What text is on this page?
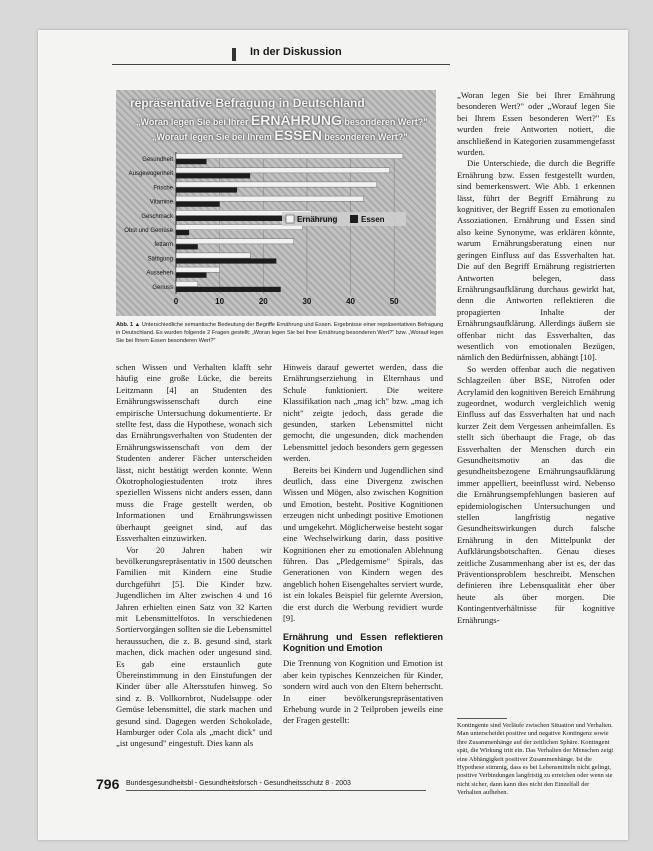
In der Diskussion
repräsentative Befragung in Deutschland
„Woran legen Sie bei Ihrer ERNÄHRUNG besonderen Wert?"
„Worauf legen Sie bei Ihrem ESSEN besonderen Wert?"
0	10	20	30	40	50
Gesundheit
Ausgewogenheit
Frische
Vitamine
Geschmack
Obst und Gemüse
fettarm
Sättigung
Aussehen
Genuss
Ernährung	Essen
Abb. 1 ▲ Unterschiedliche semantische Bedeutung der Begriffe Ernährung und Essen. Ergebnisse einer repräsentativen Befragung in Deutschland. Es wurden folgende 2 Fragen gestellt: „Woran legen Sie bei Ihrer Ernährung besonderen Wert?" bzw. „Worauf legen Sie bei Ihrem Essen besonderen Wert?"

schen Wissen und Verhalten klafft sehr häufig eine große Lücke, die bereits Leitzmann [4] an Studenten des Ernährungswissenschaft durch eine empirische Untersuchung dokumentierte. Er stellte fest, dass die Hypothese, wonach sich das Ernährungsverhalten von Studenten der Ernährungswissenschaft von dem der Studenten anderer Fächer unterscheiden lässt, nicht bestätigt werden konnte. Wenn Ökotrophologiestudenten trotz ihres speziellen Wissens nicht anders essen, dann muss die Frage gestellt werden, ob Informationen und Ernährungswissen überhaupt geeignet sind, auf das Essverhalten einzuwirken.

Vor 20 Jahren haben wir bevölkerungsrepräsentativ in 1500 deutschen Familien mit Kindern eine Studie durchgeführt [5]. Die Kinder bzw. Jugendlichen im Alter zwischen 4 und 16 Jahren erhielten einen Satz von 32 Karten mit Lebensmittelfotos. In verschiedenen Sortiervorgängen sollten sie die Lebensmittel heraussuchen, die z. B. gesund sind, stark machen, dick machen oder ungesund sind. Es gab eine erstaunlich gute Übereinstimmung in den Einstufungen der Kinder über alle Altersstufen hinweg. So sind z. B. Vollkornbrot, Nudelsuppe oder Gemüse lebensmittel, die stark machen und gesund sind. Dagegen werden Schokolade, Hamburger oder Cola als „macht dick" und „ist ungesund" eingestuft. Dies kann als

Hinweis darauf gewertet werden, dass die Ernährungserziehung in Elternhaus und Schule funktioniert. Die weitere Klassifikation nach „mag ich" bzw. „mag ich nicht" zeigte jedoch, dass gerade die gesunden, starken Lebensmittel nicht gemocht, die ungesunden, dick machenden Lebensmittel jedoch besonders gern gegessen werden.

Bereits bei Kindern und Jugendlichen sind deutlich, dass eine Divergenz zwischen Wissen und Mögen, also zwischen Kognition und Emotion, besteht. Positive Kognitionen erzeugen nicht unbedingt positive Emotionen und umgekehrt. Möglicherweise besteht sogar eine Wechselwirkung darin, dass positive Kognitionen eher zu emotionalen Ablehnung führen. Das „Pledgemisme" Spirals, das Generationen von Kindern wegen des angeblich hohen Eisengehaltes serviert wurde, ist ein lokales Beispiel für gelernte Aversion, die erst durch die Werbung revidiert wurde [9].

Ernährung und Essen reflektieren Kognition und Emotion

Die Trennung von Kognition und Emotion ist aber kein typisches Kennzeichen für Kinder, sondern wird auch von den Eltern beherrscht. In einer bevölkerungsrepräsentativen Erhebung wurde in 2 Teilproben jeweils eine der Fragen gestellt:

„Woran legen Sie bei Ihrer Ernährung besonderen Wert?" oder „Worauf legen Sie bei Ihrem Essen besonderen Wert?" Es wurden freie Antworten notiert, die anschließend in Kategorien zusammengefasst wurden.

Die Unterschiede, die durch die Begriffe Ernährung bzw. Essen festgestellt wurden, sind bemerkenswert. Wie Abb. 1 erkennen lässt, führt der Begriff Ernährung zu kognitiver, der Begriff Essen zu emotionalen Assoziationen. Ernährung und Essen sind also keine Synonyme, was erklären könnte, warum Ernährungsberatung einen nur geringen Einfluss auf das Essverhalten hat. Die auf den Begriff Ernährung registrierten Antworten belegen, dass Ernährungsaufklärung durchaus gewirkt hat, denn die Antworten reflektieren die propagierten Inhalte der Ernährungsaufklärung. Allerdings äußern sie offenbar nicht das Essverhalten, das wesentlich von emotionalen Bezügen, nämlich den Bedürfnissen, abhängt [10].

So werden offenbar auch die negativen Schlagzeilen über BSE, Nitrofen oder Acrylamid den kognitiven Bereich Ernährung zugeordnet, wodurch vergleichlich wenig Einfluss auf das Essverhalten hat und nach kurzer Zeit dem Vergessen anheimfallen. Es stellt sich überhaupt die Frage, ob das Essverhalten der Menschen durch ein Gesundheitsmotiv an das die gesundheitsbezogene Ernährungsaufklärung immer appelliert, beeinflusst wird. Nebenso die Ernährungsempfehlungen basieren auf epidemiologischen Untersuchungen und stellen langfristig negative Gesundheitswirkungen durch falsche Ernährung in den Mittelpunkt der Aufklärungsbotschaften. Genau dieses zeitliche Zusammenhang aber ist es, der das Präventionsproblem beschreibt. Menschen definieren ihre Lebensqualität eher über heute als über morgen. Die Kontingentverhältnisse für kognitive Ernährungs-

Kontingente sind Verläufe zwischen Situation und Verhalten. Man unterscheidet positive und negative Kontingenz sowie ihre Zusammenhänge auf der zeitlichen Sphäre. Kontingent spät, die Wirkung tritt ein. Das Verhalten der Menschen zeigt eine Abhängigkeit positiver Zusammenhänge. Ist die Hypothese stimmig, dass es bei Lebensmitteln nicht gelingt, positive Verbindungen langfristig zu erreichen oder wenn sie nicht sicher, dann kann dies nicht den Einzelfall der Verhalten aufheben.
796 Bundesgesundheitsbl - Gesundheitsforsch - Gesundheitsschutz 8 · 2003
